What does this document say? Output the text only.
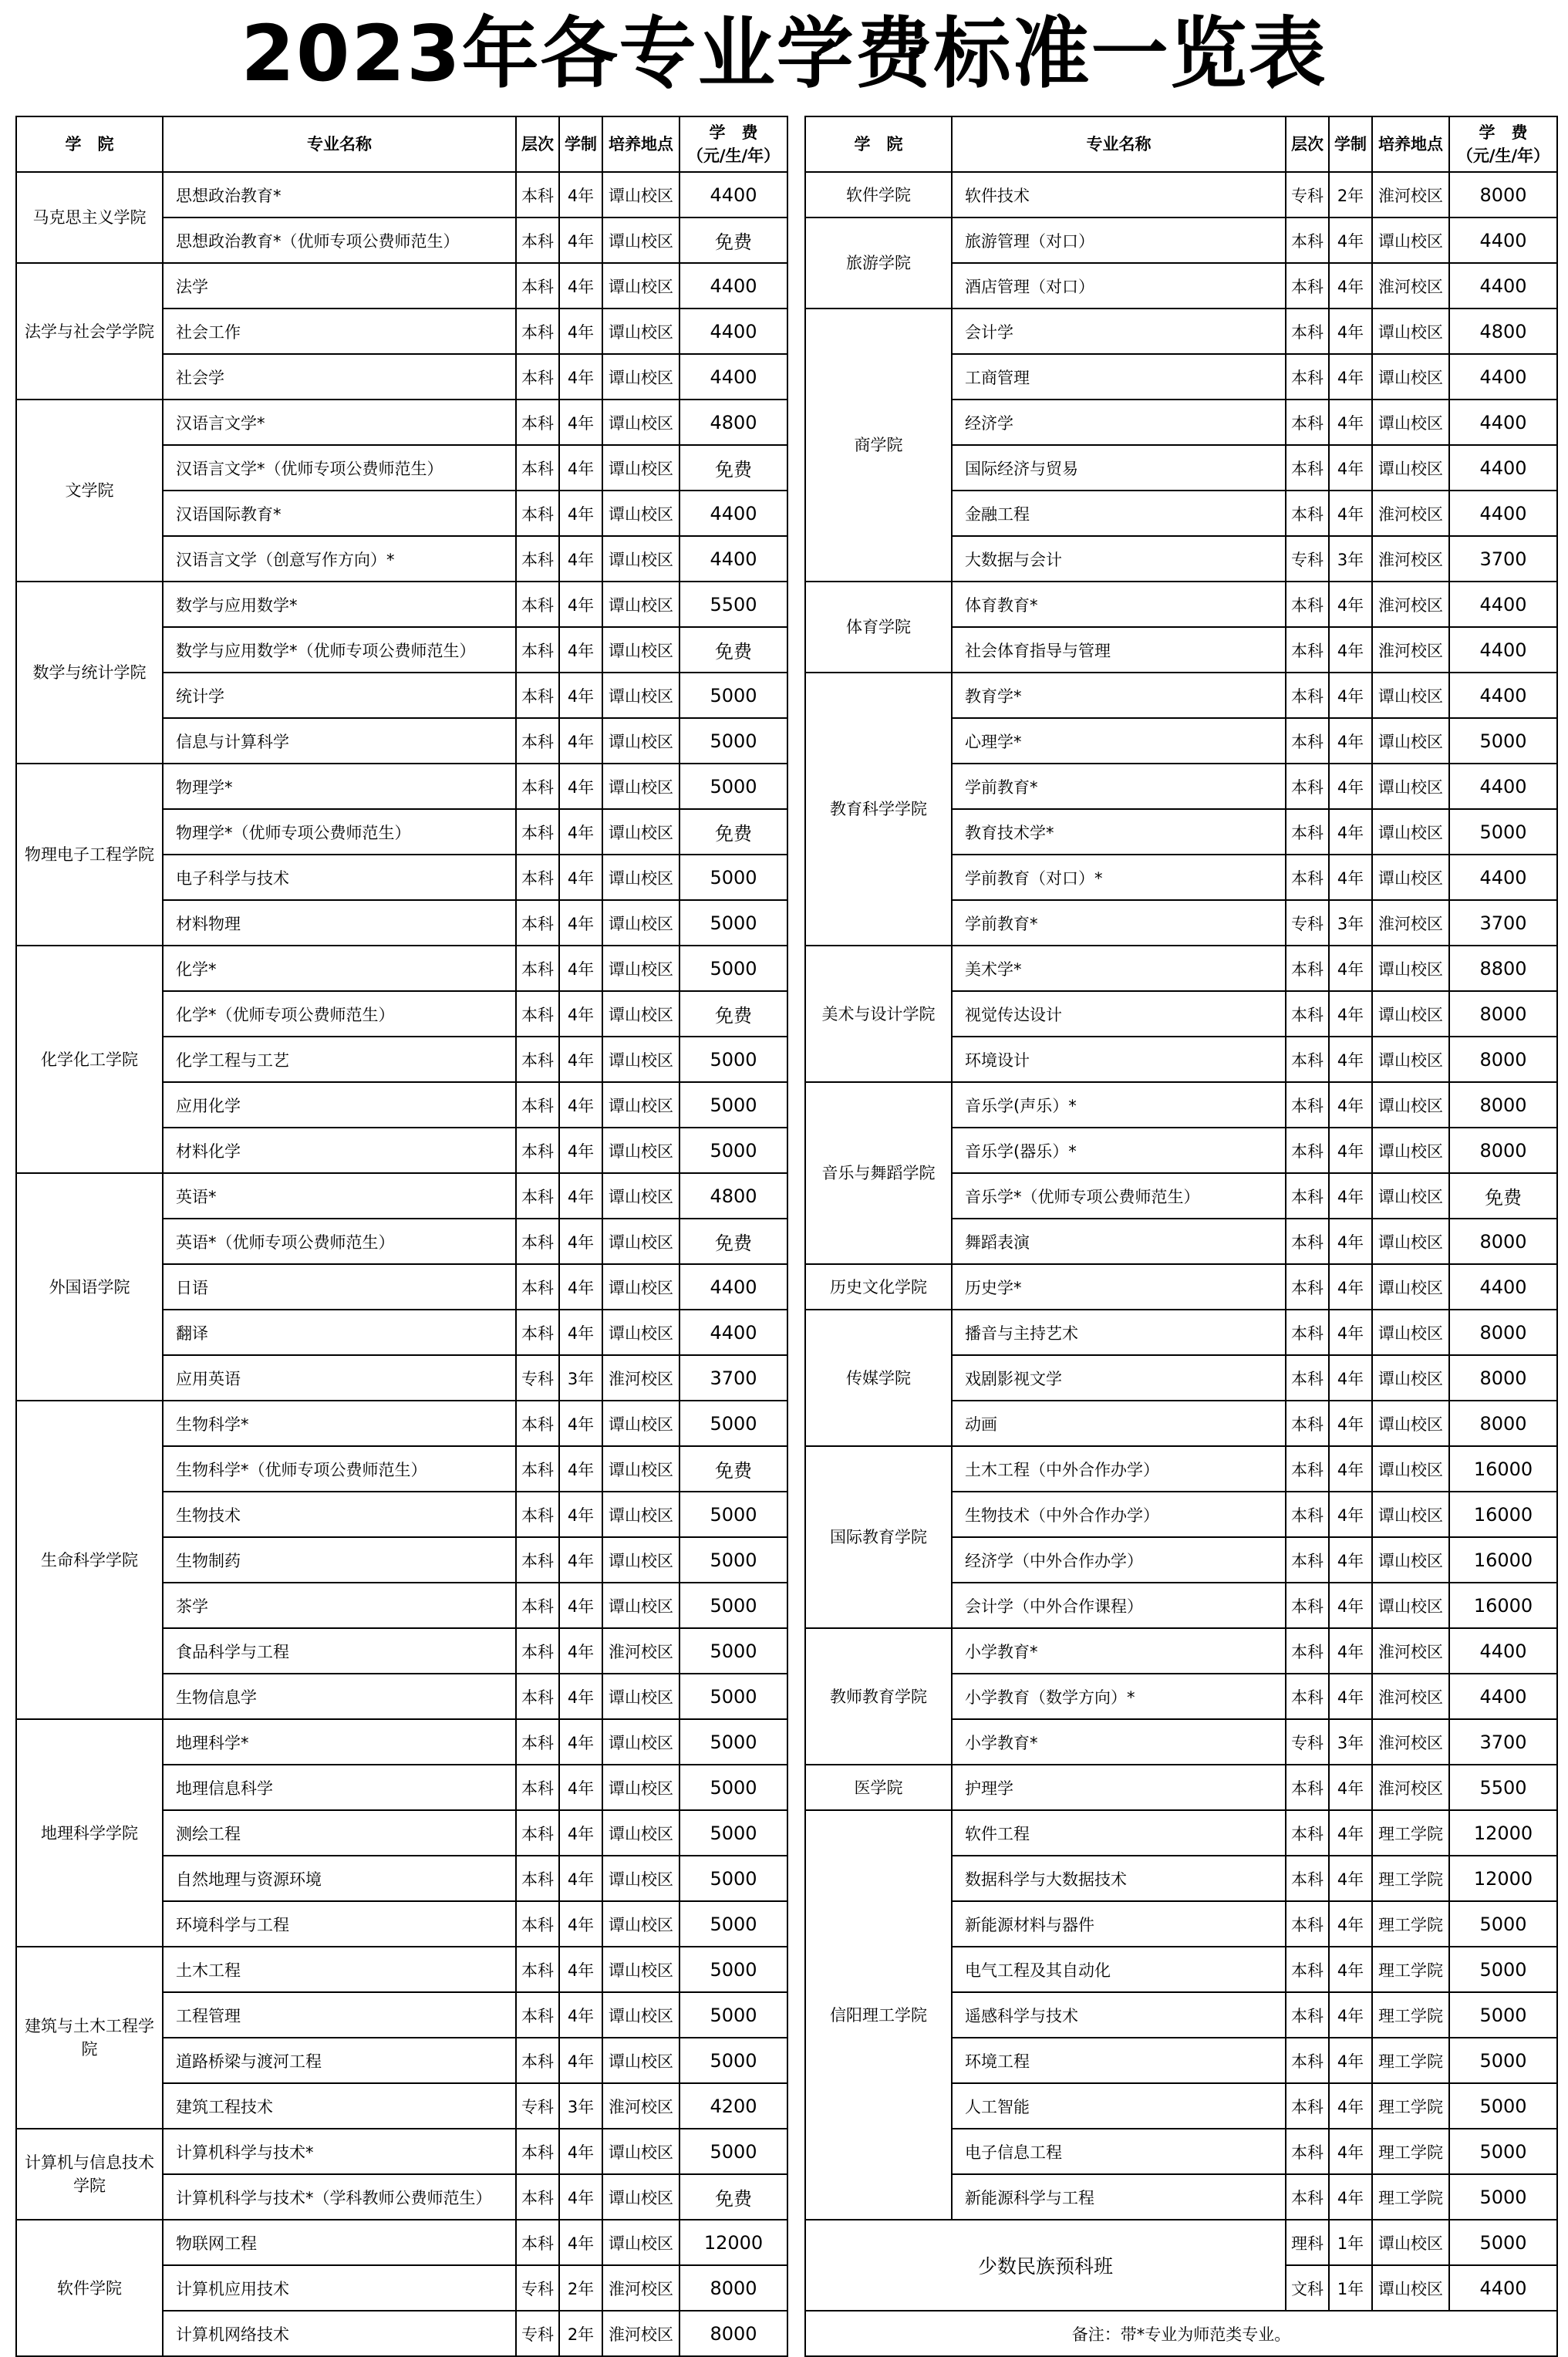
2023年各专业学费标准一览表
学　院	专业名称	层次	学制	培养地点	学　费
（元/生/年）
马克思主义学院	思想政治教育*	本科	4年	谭山校区	4400
	思想政治教育*（优师专项公费师范生）	本科	4年	谭山校区	免费
法学与社会学学院	法学	本科	4年	谭山校区	4400
	社会工作	本科	4年	谭山校区	4400
	社会学	本科	4年	谭山校区	4400
文学院	汉语言文学*	本科	4年	谭山校区	4800
	汉语言文学*（优师专项公费师范生）	本科	4年	谭山校区	免费
	汉语国际教育*	本科	4年	谭山校区	4400
	汉语言文学（创意写作方向）*	本科	4年	谭山校区	4400
数学与统计学院	数学与应用数学*	本科	4年	谭山校区	5500
	数学与应用数学*（优师专项公费师范生）	本科	4年	谭山校区	免费
	统计学	本科	4年	谭山校区	5000
	信息与计算科学	本科	4年	谭山校区	5000
物理电子工程学院	物理学*	本科	4年	谭山校区	5000
	物理学*（优师专项公费师范生）	本科	4年	谭山校区	免费
	电子科学与技术	本科	4年	谭山校区	5000
	材料物理	本科	4年	谭山校区	5000
化学化工学院	化学*	本科	4年	谭山校区	5000
	化学*（优师专项公费师范生）	本科	4年	谭山校区	免费
	化学工程与工艺	本科	4年	谭山校区	5000
	应用化学	本科	4年	谭山校区	5000
	材料化学	本科	4年	谭山校区	5000
外国语学院	英语*	本科	4年	谭山校区	4800
	英语*（优师专项公费师范生）	本科	4年	谭山校区	免费
	日语	本科	4年	谭山校区	4400
	翻译	本科	4年	谭山校区	4400
	应用英语	专科	3年	淮河校区	3700
生命科学学院	生物科学*	本科	4年	谭山校区	5000
	生物科学*（优师专项公费师范生）	本科	4年	谭山校区	免费
	生物技术	本科	4年	谭山校区	5000
	生物制药	本科	4年	谭山校区	5000
	茶学	本科	4年	谭山校区	5000
	食品科学与工程	本科	4年	淮河校区	5000
	生物信息学	本科	4年	谭山校区	5000
地理科学学院	地理科学*	本科	4年	谭山校区	5000
	地理信息科学	本科	4年	谭山校区	5000
	测绘工程	本科	4年	谭山校区	5000
	自然地理与资源环境	本科	4年	谭山校区	5000
	环境科学与工程	本科	4年	谭山校区	5000
建筑与土木工程学院	土木工程	本科	4年	谭山校区	5000
	工程管理	本科	4年	谭山校区	5000
	道路桥梁与渡河工程	本科	4年	谭山校区	5000
	建筑工程技术	专科	3年	淮河校区	4200
计算机与信息技术学院	计算机科学与技术*	本科	4年	谭山校区	5000
	计算机科学与技术*（学科教师公费师范生）	本科	4年	谭山校区	免费
软件学院	物联网工程	本科	4年	谭山校区	12000
	计算机应用技术	专科	2年	淮河校区	8000
	计算机网络技术	专科	2年	淮河校区	8000
学　院	专业名称	层次	学制	培养地点	学　费
（元/生/年）
软件学院	软件技术	专科	2年	淮河校区	8000
旅游学院	旅游管理（对口）	本科	4年	谭山校区	4400
	酒店管理（对口）	本科	4年	淮河校区	4400
商学院	会计学	本科	4年	谭山校区	4800
	工商管理	本科	4年	谭山校区	4400
	经济学	本科	4年	谭山校区	4400
	国际经济与贸易	本科	4年	谭山校区	4400
	金融工程	本科	4年	淮河校区	4400
	大数据与会计	专科	3年	淮河校区	3700
体育学院	体育教育*	本科	4年	淮河校区	4400
	社会体育指导与管理	本科	4年	淮河校区	4400
教育科学学院	教育学*	本科	4年	谭山校区	4400
	心理学*	本科	4年	谭山校区	5000
	学前教育*	本科	4年	谭山校区	4400
	教育技术学*	本科	4年	谭山校区	5000
	学前教育（对口）*	本科	4年	谭山校区	4400
	学前教育*	专科	3年	淮河校区	3700
美术与设计学院	美术学*	本科	4年	谭山校区	8800
	视觉传达设计	本科	4年	谭山校区	8000
	环境设计	本科	4年	谭山校区	8000
音乐与舞蹈学院	音乐学(声乐）*	本科	4年	谭山校区	8000
	音乐学(器乐）*	本科	4年	谭山校区	8000
	音乐学*（优师专项公费师范生）	本科	4年	谭山校区	免费
	舞蹈表演	本科	4年	谭山校区	8000
历史文化学院	历史学*	本科	4年	谭山校区	4400
传媒学院	播音与主持艺术	本科	4年	谭山校区	8000
	戏剧影视文学	本科	4年	谭山校区	8000
	动画	本科	4年	谭山校区	8000
国际教育学院	土木工程（中外合作办学）	本科	4年	谭山校区	16000
	生物技术（中外合作办学）	本科	4年	谭山校区	16000
	经济学（中外合作办学）	本科	4年	谭山校区	16000
	会计学（中外合作课程）	本科	4年	谭山校区	16000
教师教育学院	小学教育*	本科	4年	淮河校区	4400
	小学教育（数学方向）*	本科	4年	淮河校区	4400
	小学教育*	专科	3年	淮河校区	3700
医学院	护理学	本科	4年	淮河校区	5500
信阳理工学院	软件工程	本科	4年	理工学院	12000
	数据科学与大数据技术	本科	4年	理工学院	12000
	新能源材料与器件	本科	4年	理工学院	5000
	电气工程及其自动化	本科	4年	理工学院	5000
	遥感科学与技术	本科	4年	理工学院	5000
	环境工程	本科	4年	理工学院	5000
	人工智能	本科	4年	理工学院	5000
	电子信息工程	本科	4年	理工学院	5000
	新能源科学与工程	本科	4年	理工学院	5000
少数民族预科班		理科	1年	谭山校区	5000
		文科	1年	谭山校区	4400
备注：带*专业为师范类专业。					
